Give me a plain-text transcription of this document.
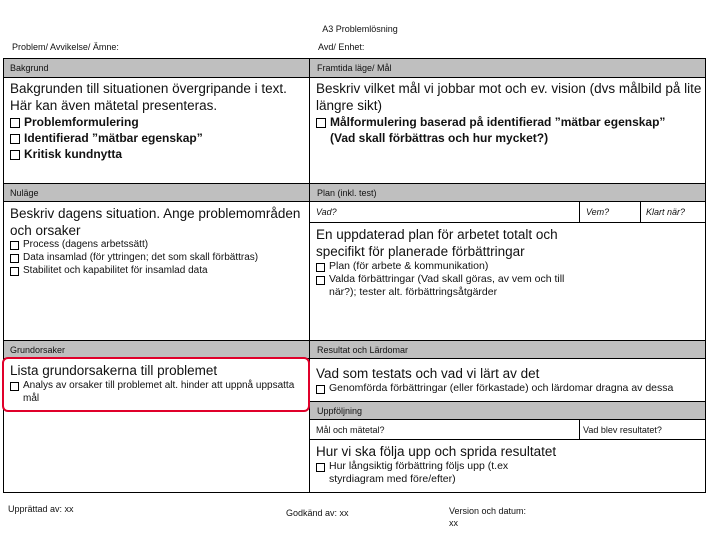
A3 Problemlösning
Problem/ Avvikelse/ Ämne:	Avd/ Enhet:
Bakgrund	Framtida läge/ Mål
Bakgrunden till situationen övergripande i text. Här kan även mätetal presenteras.
Problemformulering
Identifierad ”mätbar egenskap”
Kritisk kundnytta
Beskriv vilket mål vi jobbar mot och ev. vision (dvs målbild på lite längre sikt)
Målformulering baserad på identifierad ”mätbar egenskap”
(Vad skall förbättras och hur mycket?)
Nuläge	Plan (inkl. test)
Beskriv dagens situation. Ange problemområden och orsaker
Process (dagens arbetssätt)
Data insamlad (för yttringen; det som skall förbättras)
Stabilitet och kapabilitet för insamlad data
Vad?	Vem?	Klart när?
En uppdaterad plan för arbetet totalt och specifikt för planerade förbättringar
Plan (för arbete & kommunikation)
Valda förbättringar (Vad skall göras, av vem och till när?); tester alt. förbättringsåtgärder
Grundorsaker	Resultat och Lärdomar
Lista grundorsakerna till problemet
Analys av orsaker till problemet alt. hinder att uppnå uppsatta mål
Vad som testats och vad vi lärt av det
Genomförda förbättringar (eller förkastade) och lärdomar dragna av dessa
Uppföljning
Mål och mätetal?	Vad blev resultatet?
Hur vi ska följa upp och sprida resultatet
Hur långsiktig förbättring följs upp (t.ex styrdiagram med före/efter)
Upprättad av: xx	Godkänd av: xx	Version och datum:
xx
